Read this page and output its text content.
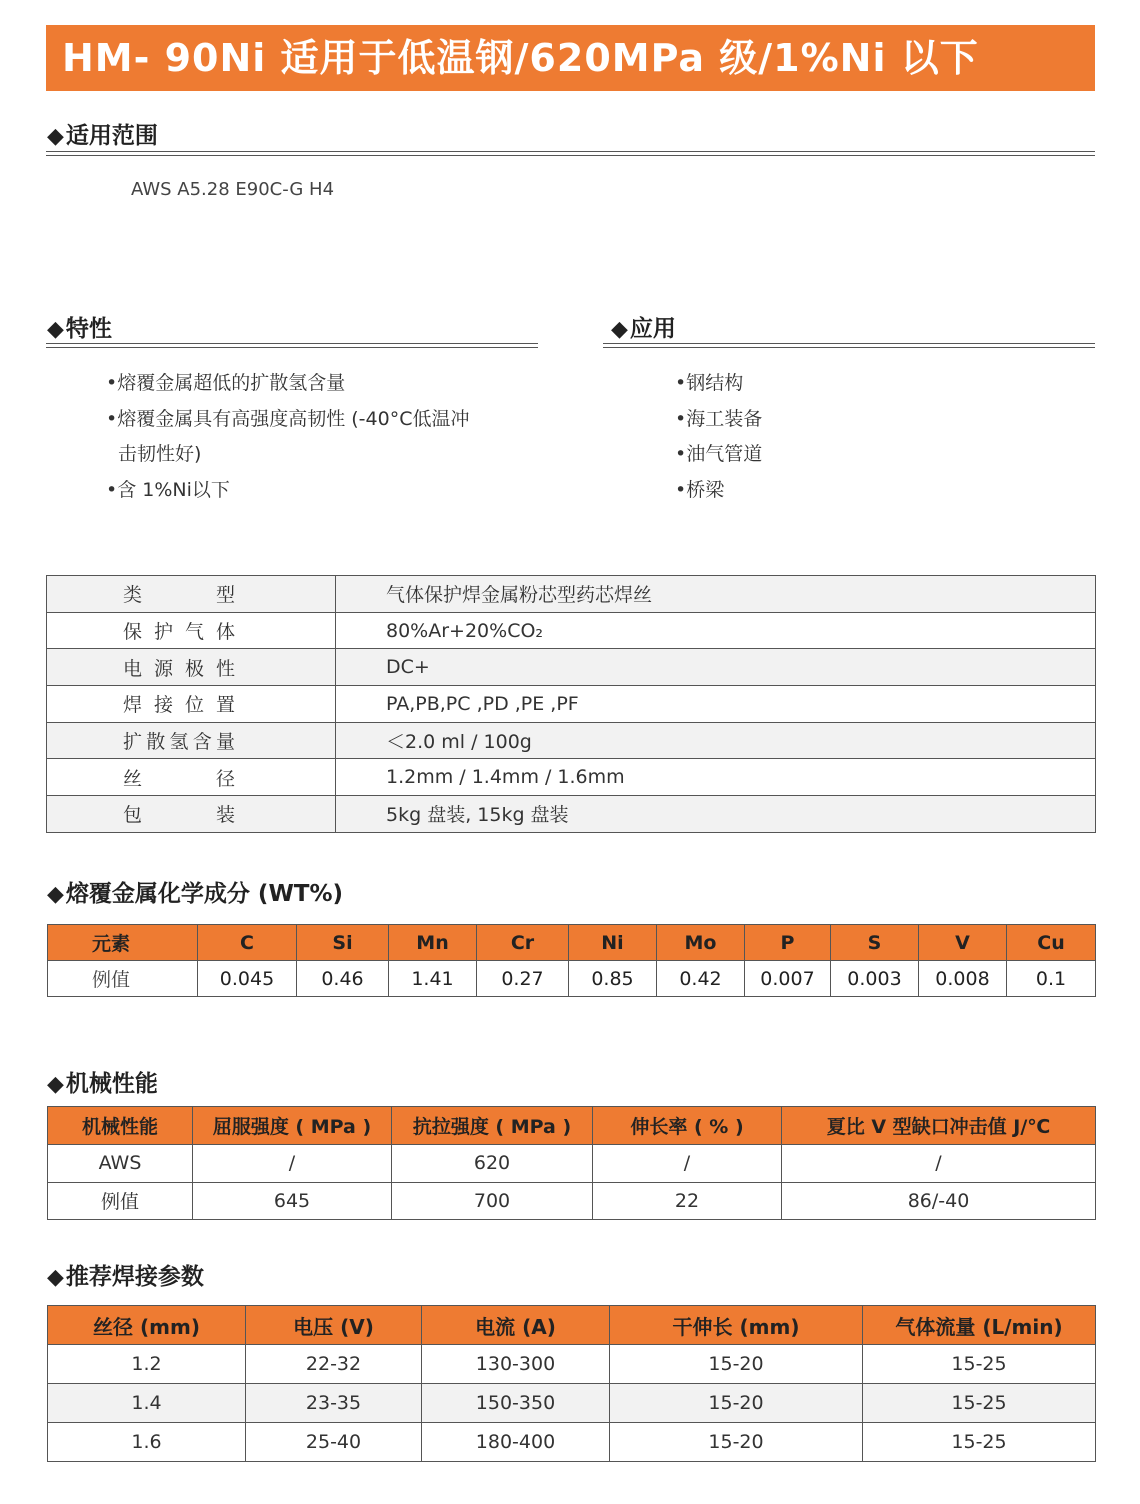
HM- 90Ni 适用于低温钢/620MPa 级/1%Ni 以下
◆适用范围
AWS A5.28 E90C-G H4
◆特性
•熔覆金属超低的扩散氢含量
•熔覆金属具有高强度高韧性 (-40°C低温冲
击韧性好)
•含 1%Ni以下
◆应用
•钢结构
•海工装备
•油气管道
•桥梁
类型	气体保护焊金属粉芯型药芯焊丝
保护气体	80%Ar+20%CO₂
电源极性	DC+
焊接位置	PA,PB,PC ,PD ,PE ,PF
扩散氢含量	＜2.0 ml / 100g
丝径	1.2mm / 1.4mm / 1.6mm
包装	5kg 盘装, 15kg 盘装
◆熔覆金属化学成分 (WT%)
元素	C	Si	Mn	Cr	Ni	Mo	P	S	V	Cu
例值	0.045	0.46	1.41	0.27	0.85	0.42	0.007	0.003	0.008	0.1
◆机械性能
机械性能	屈服强度 ( MPa )	抗拉强度 ( MPa )	伸长率 ( % )	夏比 V 型缺口冲击值 J/℃
AWS	/	620	/	/
例值	645	700	22	86/-40
◆推荐焊接参数
丝径 (mm)	电压 (V)	电流 (A)	干伸长 (mm)	气体流量 (L/min)
1.2	22-32	130-300	15-20	15-25
1.4	23-35	150-350	15-20	15-25
1.6	25-40	180-400	15-20	15-25
